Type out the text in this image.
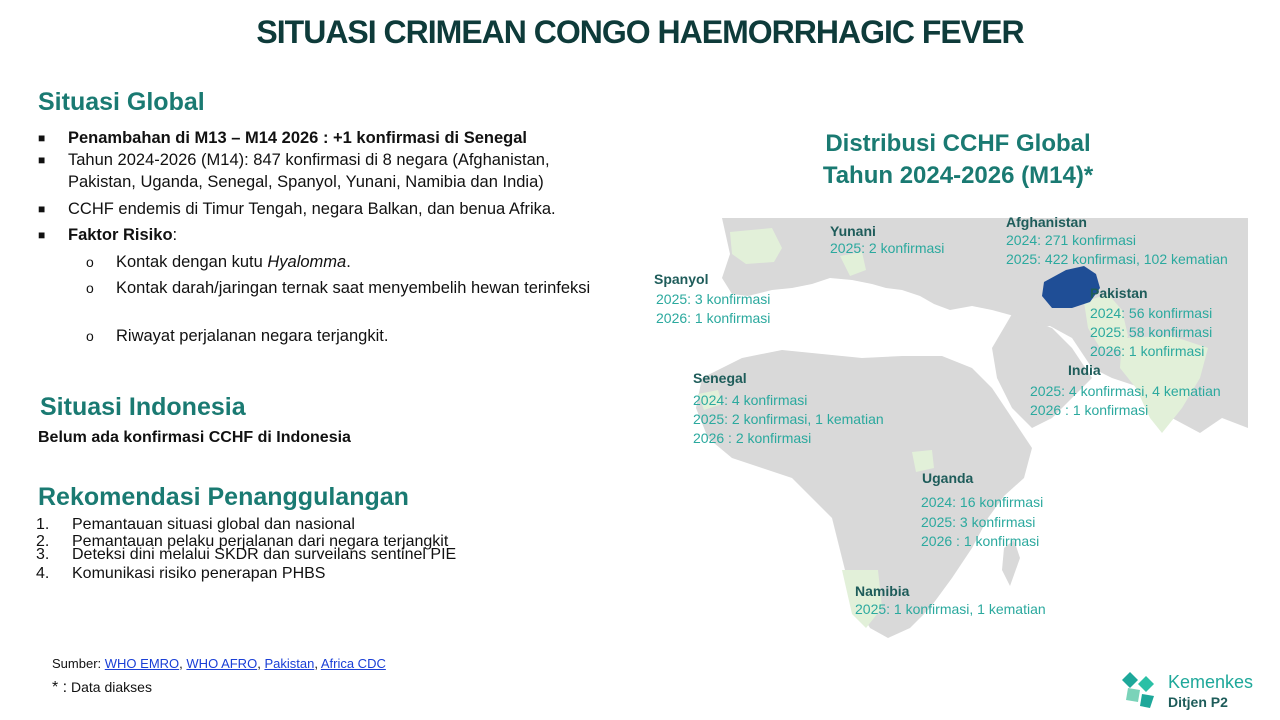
SITUASI CRIMEAN CONGO HAEMORRHAGIC FEVER
Situasi Global
■	Penambahan di M13 – M14 2026 : +1 konfirmasi di Senegal
■	Tahun 2024-2026 (M14): 847 konfirmasi di 8 negara (Afghanistan, Pakistan, Uganda, Senegal, Spanyol, Yunani, Namibia dan India)
■	CCHF endemis di Timur Tengah, negara Balkan, dan benua Afrika.
■	Faktor Risiko:
o	Kontak dengan kutu Hyalomma.
o	Kontak darah/jaringan ternak saat menyembelih hewan terinfeksi
o	Riwayat perjalanan negara terjangkit.
Situasi Indonesia
Belum ada konfirmasi CCHF di Indonesia
Rekomendasi Penanggulangan
1. Pemantauan situasi global dan nasional
2. Pemantauan pelaku perjalanan dari negara terjangkit
3. Deteksi dini melalui SKDR dan surveilans sentinel PIE
4. Komunikasi risiko penerapan PHBS
Sumber: WHO EMRO, WHO AFRO, Pakistan, Africa CDC
* : Data diakses
Distribusi CCHF Global
Tahun 2024-2026 (M14)*
Yunani
2025: 2 konfirmasi
Afghanistan
2024: 271 konfirmasi
2025: 422 konfirmasi, 102 kematian
Spanyol
2025: 3 konfirmasi
2026: 1 konfirmasi
Pakistan
2024: 56 konfirmasi
2025: 58 konfirmasi
2026: 1 konfirmasi
India
2025: 4 konfirmasi, 4 kematian
2026 : 1 konfirmasi
Senegal
2024: 4 konfirmasi
2025: 2 konfirmasi, 1 kematian
2026 : 2 konfirmasi
Uganda
2024: 16 konfirmasi
2025: 3 konfirmasi
2026 : 1 konfirmasi
Namibia
2025: 1 konfirmasi, 1 kematian
Kemenkes
Ditjen P2
